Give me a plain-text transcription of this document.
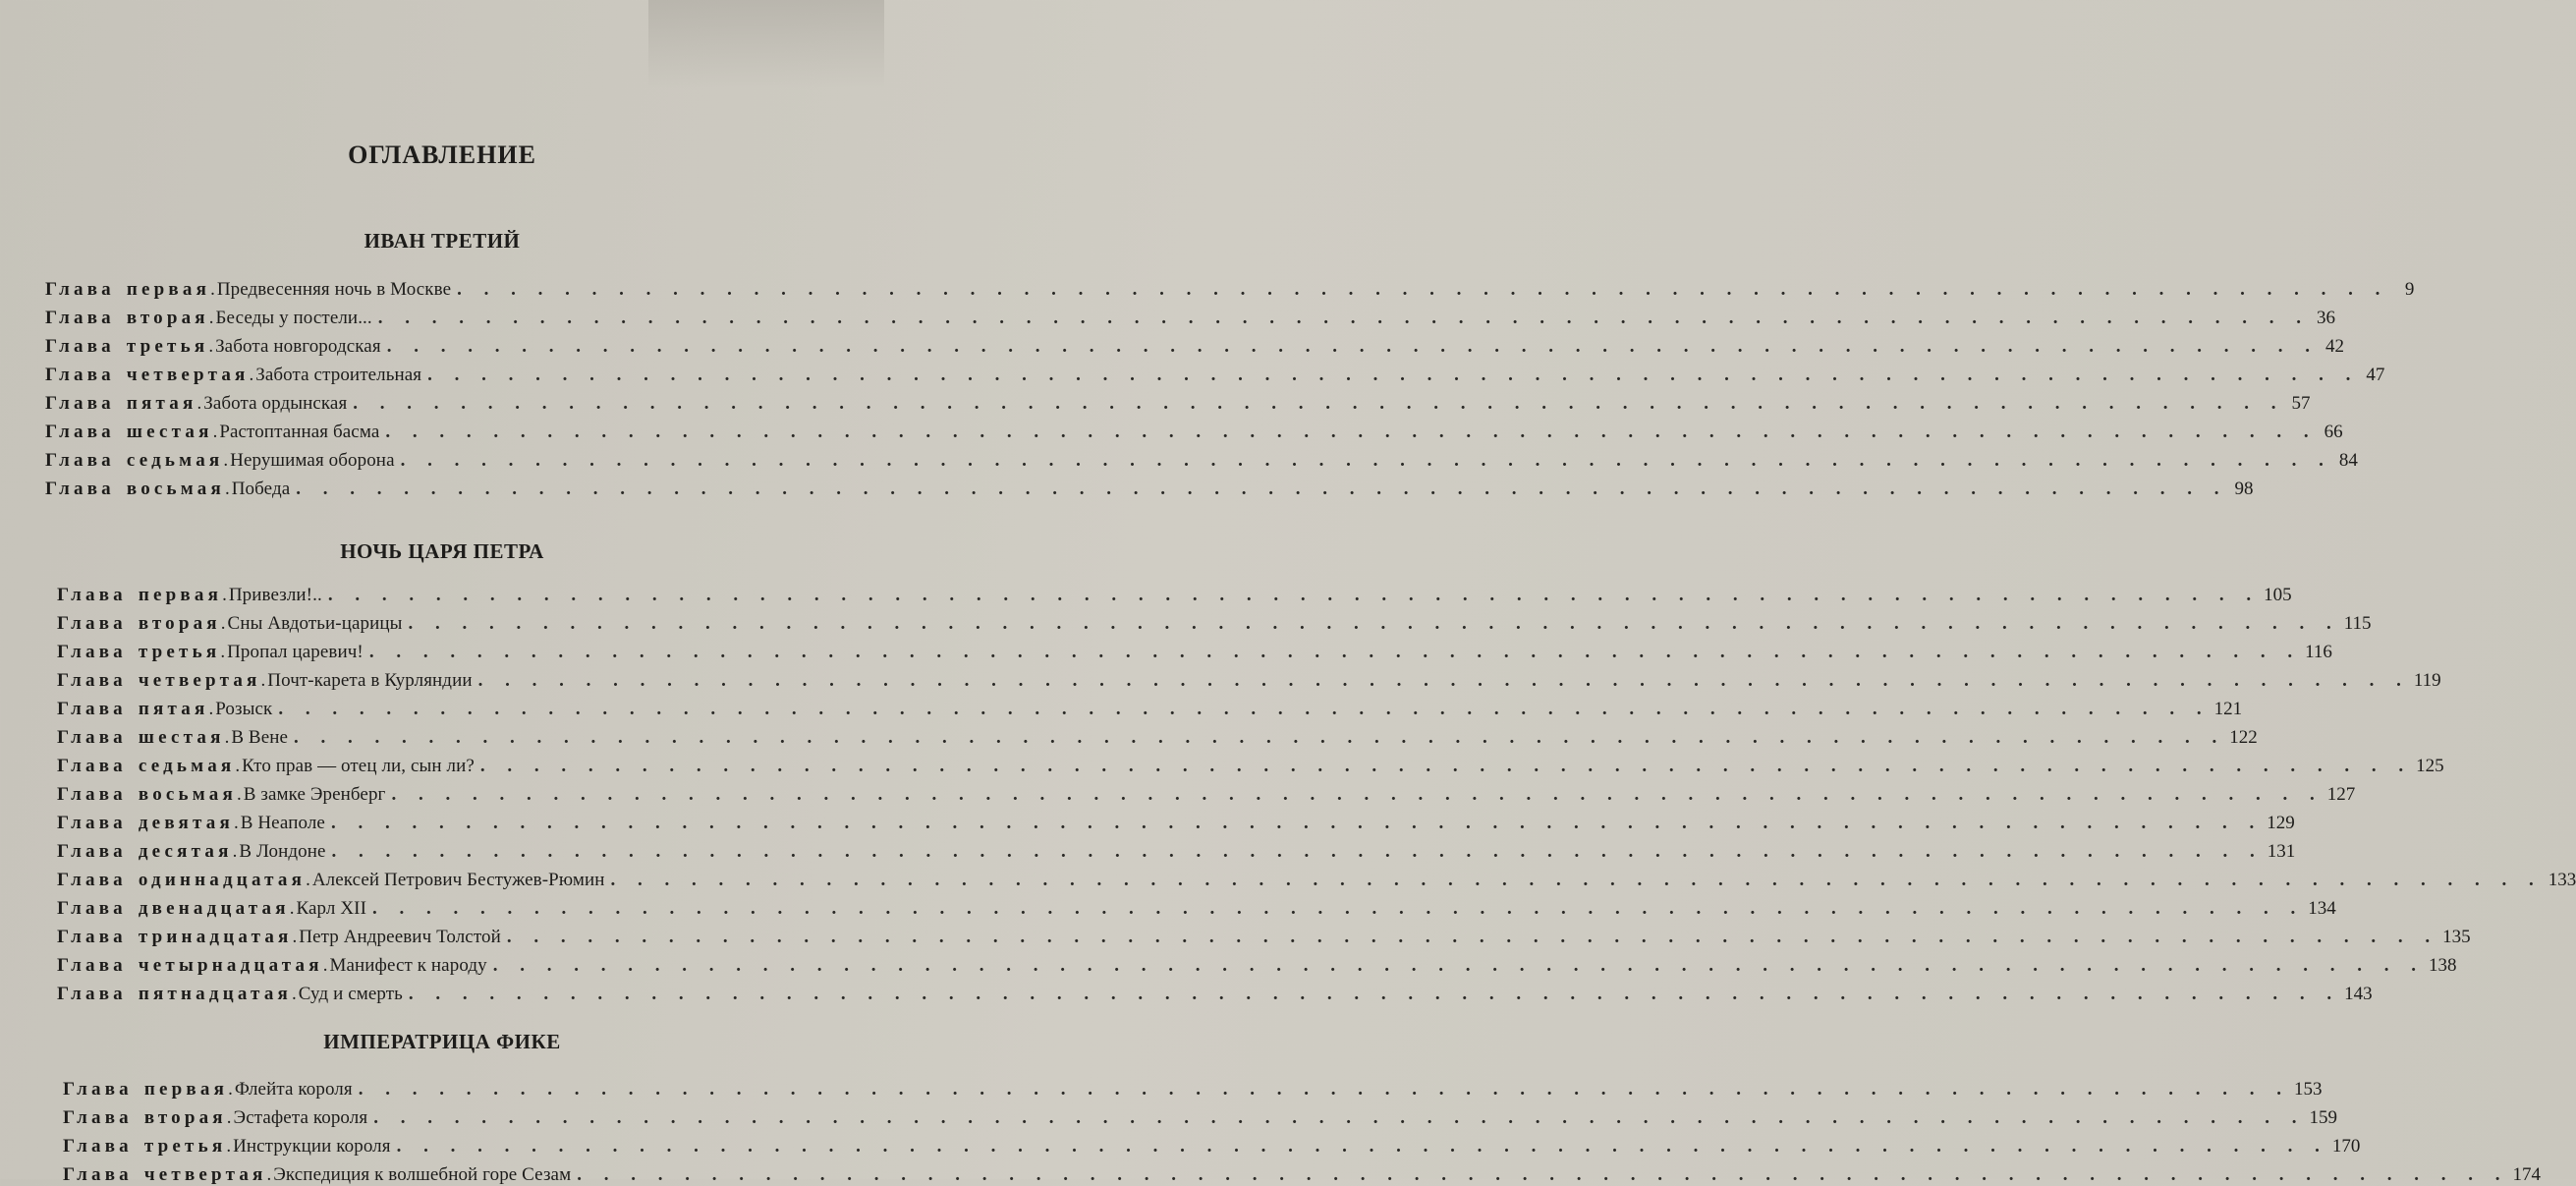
ОГЛАВЛЕНИЕ
ИВАН ТРЕТИЙ
Глава первая . Предвесенняя ночь в Москве . . .	9
Глава вторая . Беседы у постели... . . .	36
Глава третья . Забота новгородская . . .	42
Глава четвертая . Забота строительная . . .	47
Глава пятая . Забота ордынская . . .	57
Глава шестая . Растоптанная басма . . .	66
Глава седьмая . Нерушимая оборона . . .	84
Глава восьмая . Победа . . .	98
НОЧЬ ЦАРЯ ПЕТРА
Глава первая . Привезли!.. . . .	105
Глава вторая . Сны Авдотьи-царицы . . .	115
Глава третья . Пропал царевич! . . .	116
Глава четвертая . Почт-карета в Курляндии . . .	119
Глава пятая . Розыск . . .	121
Глава шестая . В Вене . . .	122
Глава седьмая . Кто прав — отец ли, сын ли? . . .	125
Глава восьмая . В замке Эренберг . . .	127
Глава девятая . В Неаполе . . .	129
Глава десятая . В Лондоне . . .	131
Глава одиннадцатая . Алексей Петрович Бестужев-Рюмин . . .	133
Глава двенадцатая . Карл XII . . .	134
Глава тринадцатая . Петр Андреевич Толстой . . .	135
Глава четырнадцатая . Манифест к народу . . .	138
Глава пятнадцатая . Суд и смерть . . .	143
ИМПЕРАТРИЦА ФИКЕ
Глава первая . Флейта короля . . .	153
Глава вторая . Эстафета короля . . .	159
Глава третья . Инструкции короля . . .	170
Глава четвертая . Экспедиция к волшебной горе Сезам . . .	174
